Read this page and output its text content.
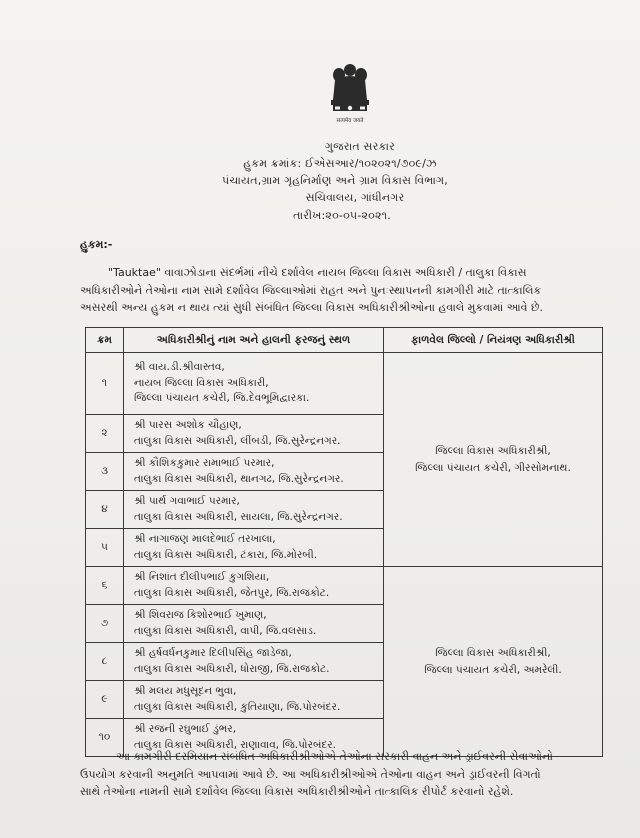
सत्यमेव जयते
ગુજરાત સરકાર
હુકમ ક્રમાંક: ઈએસઆર/૧૦૨૦૨૧/૭૦૯/ઝ
પંચાયત,ગ્રામ ગૃહનિર્માણ અને ગ્રામ વિકાસ વિભાગ,
સચિવાલય, ગાંધીનગર
તારીખ:૨૦-૦૫-૨૦૨૧.
હુકમ:-
"Tauktae" વાવાઝોડાના સંદર્ભમાં નીચે દર્શાવેલ નાયબ જિલ્લા વિકાસ અધિકારી / તાલુકા વિકાસ
અધિકારીઓને તેઓના નામ સામે દર્શાવેલ જિલ્લાઓમાં રાહત અને પુનઃસ્થાપનની કામગીરી માટે તાત્કાલિક
અસરથી અન્ય હુકમ ન થાય ત્યાં સુધી સંબંધિત જિલ્લા વિકાસ અધિકારીશ્રીઓના હવાલે મુકવામાં આવે છે.
ક્રમ	અધિકારીશ્રીનું નામ અને હાલની ફરજનું સ્થળ	ફાળવેલ જિલ્લો / નિયંત્રણ અધિકારીશ્રી
૧	શ્રી વાય.ડી.શ્રીવાસ્તવ,
નાયબ જિલ્લા વિકાસ અધિકારી,
જિલ્લા પંચાયત કચેરી, જિ.દેવભૂમિદ્વારકા.	જિલ્લા વિકાસ અધિકારીશ્રી,
જિલ્લા પંચાયત કચેરી, ગીરસોમનાથ.

૨	શ્રી પારસ અશોક ચૌહાણ,
તાલુકા વિકાસ અધિકારી, લીંબડી, જિ.સુરેન્દ્રનગર.	

૩	શ્રી કૌશિકકુમાર રામાભાઈ પરમાર,
તાલુકા વિકાસ અધિકારી, થાનગઢ, જિ.સુરેન્દ્રનગર.	

૪	શ્રી પાર્થ ગવાભાઈ પરમાર,
તાલુકા વિકાસ અધિકારી, સાયલા, જિ.સુરેન્દ્રનગર.	

૫	શ્રી નાગાજણ માલદેભાઈ તરખાલા,
તાલુકા વિકાસ અધિકારી, ટંકારા, જિ.મોરબી.	

૬	શ્રી નિશાંત દીલીપભાઈ કુગશિયા,
તાલુકા વિકાસ અધિકારી, જેતપુર, જિ.રાજકોટ.	જિલ્લા વિકાસ અધિકારીશ્રી,
જિલ્લા પંચાયત કચેરી, અમરેલી.

૭	શ્રી શિવરાજ કિશોરભાઈ ખુમાણ,
તાલુકા વિકાસ અધિકારી, વાપી, જિ.વલસાડ.	

૮	શ્રી હર્ષવર્ધનકુમાર દિલીપસિંહ જાડેજા,
તાલુકા વિકાસ અધિકારી, ધોરાજી, જિ.રાજકોટ.	

૯	શ્રી મલય મધુસૂદન ભુવા,
તાલુકા વિકાસ અધિકારી, કુતિયાણા, જિ.પોરબંદર.	

૧૦	શ્રી રજની રઘુભાઈ ડુંભર,
તાલુકા વિકાસ અધિકારી, રાણાવાવ, જિ.પોરબંદર.	
આ કામગીરી દરમિયાન સંબંધિત અધિકારીશ્રીઓએ તેઓના સરકારી વાહન અને ડ્રાઈવરની સેવાઓનો
ઉપયોગ કરવાની અનુમતિ આપવામાં આવે છે. આ અધિકારીશ્રીઓએ તેઓના વાહન અને ડ્રાઈવરની વિગતો
સાથે તેઓના નામની સામે દર્શાવેલ જિલ્લા વિકાસ અધિકારીશ્રીઓને તાત્કાલિક રીપોર્ટ કરવાનો રહેશે.
